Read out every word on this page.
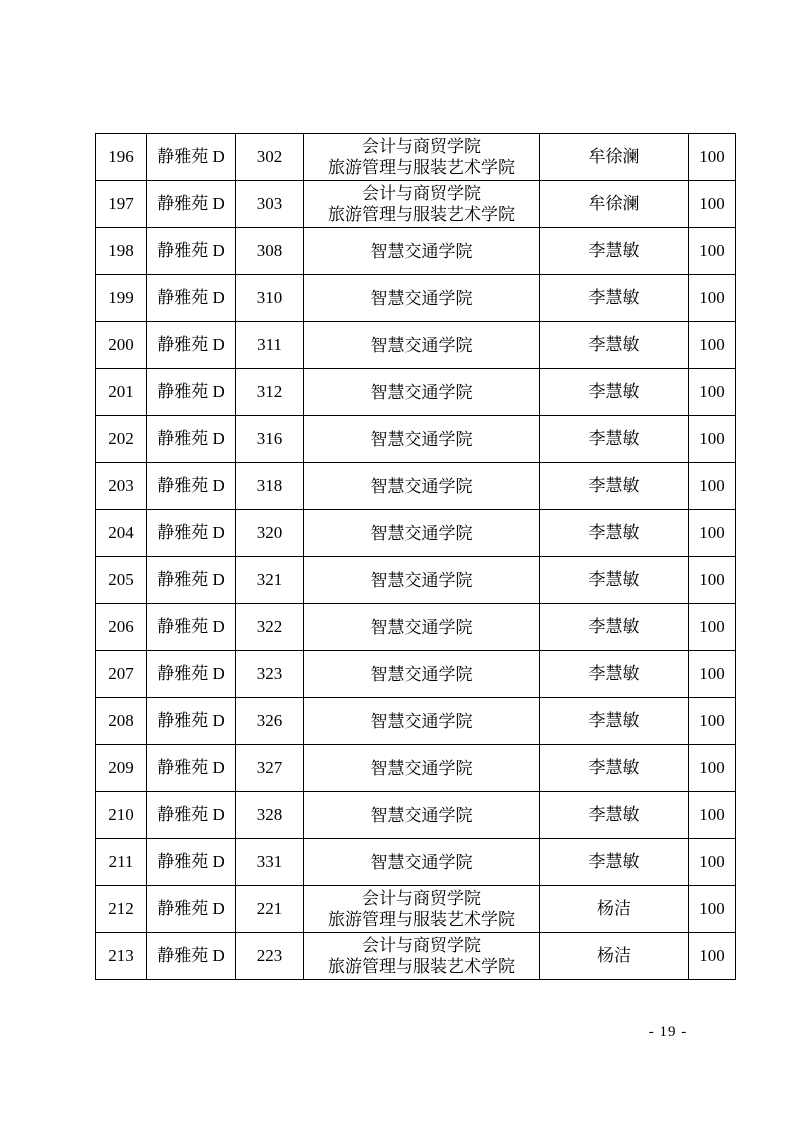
196	静雅苑 D	302	会计与商贸学院
旅游管理与服装艺术学院	牟徐澜	100
197	静雅苑 D	303	会计与商贸学院
旅游管理与服装艺术学院	牟徐澜	100
198	静雅苑 D	308	智慧交通学院	李慧敏	100
199	静雅苑 D	310	智慧交通学院	李慧敏	100
200	静雅苑 D	311	智慧交通学院	李慧敏	100
201	静雅苑 D	312	智慧交通学院	李慧敏	100
202	静雅苑 D	316	智慧交通学院	李慧敏	100
203	静雅苑 D	318	智慧交通学院	李慧敏	100
204	静雅苑 D	320	智慧交通学院	李慧敏	100
205	静雅苑 D	321	智慧交通学院	李慧敏	100
206	静雅苑 D	322	智慧交通学院	李慧敏	100
207	静雅苑 D	323	智慧交通学院	李慧敏	100
208	静雅苑 D	326	智慧交通学院	李慧敏	100
209	静雅苑 D	327	智慧交通学院	李慧敏	100
210	静雅苑 D	328	智慧交通学院	李慧敏	100
211	静雅苑 D	331	智慧交通学院	李慧敏	100
212	静雅苑 D	221	会计与商贸学院
旅游管理与服装艺术学院	杨洁	100
213	静雅苑 D	223	会计与商贸学院
旅游管理与服装艺术学院	杨洁	100
- 19 -
